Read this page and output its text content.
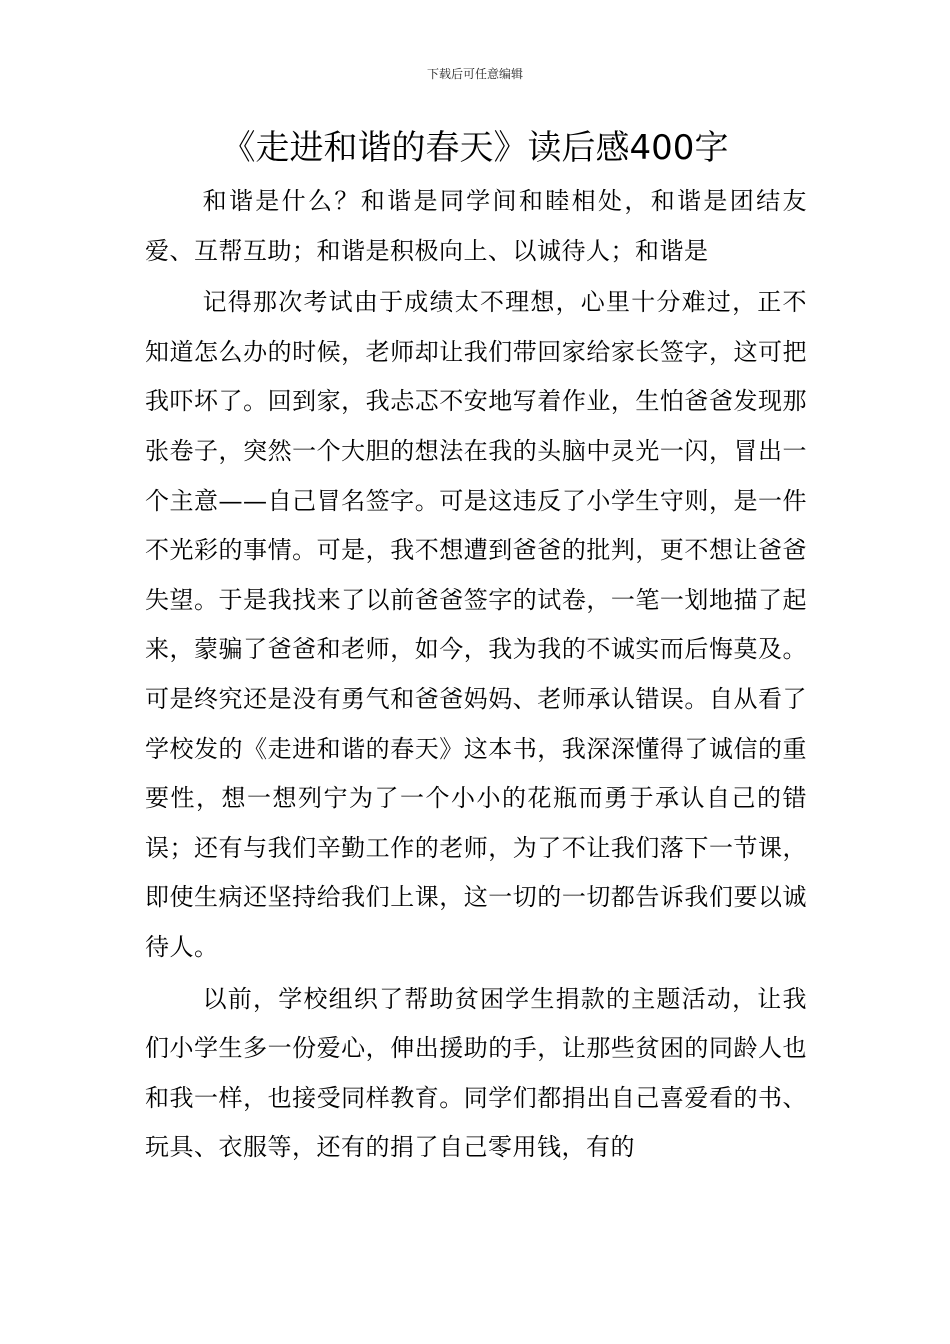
下载后可任意编辑
《走进和谐的春天》读后感400字

和谐是什么？和谐是同学间和睦相处，和谐是团结友爱、互帮互助；和谐是积极向上、以诚待人；和谐是

记得那次考试由于成绩太不理想，心里十分难过，正不知道怎么办的时候，老师却让我们带回家给家长签字，这可把我吓坏了。回到家，我忐忑不安地写着作业，生怕爸爸发现那张卷子，突然一个大胆的想法在我的头脑中灵光一闪，冒出一个主意——自己冒名签字。可是这违反了小学生守则，是一件不光彩的事情。可是，我不想遭到爸爸的批判，更不想让爸爸失望。于是我找来了以前爸爸签字的试卷，一笔一划地描了起来，蒙骗了爸爸和老师，如今，我为我的不诚实而后悔莫及。可是终究还是没有勇气和爸爸妈妈、老师承认错误。自从看了学校发的《走进和谐的春天》这本书，我深深懂得了诚信的重要性，想一想列宁为了一个小小的花瓶而勇于承认自己的错误；还有与我们辛勤工作的老师，为了不让我们落下一节课，即使生病还坚持给我们上课，这一切的一切都告诉我们要以诚待人。

以前，学校组织了帮助贫困学生捐款的主题活动，让我们小学生多一份爱心，伸出援助的手，让那些贫困的同龄人也和我一样，也接受同样教育。同学们都捐出自己喜爱看的书、玩具、衣服等，还有的捐了自己零用钱，有的
